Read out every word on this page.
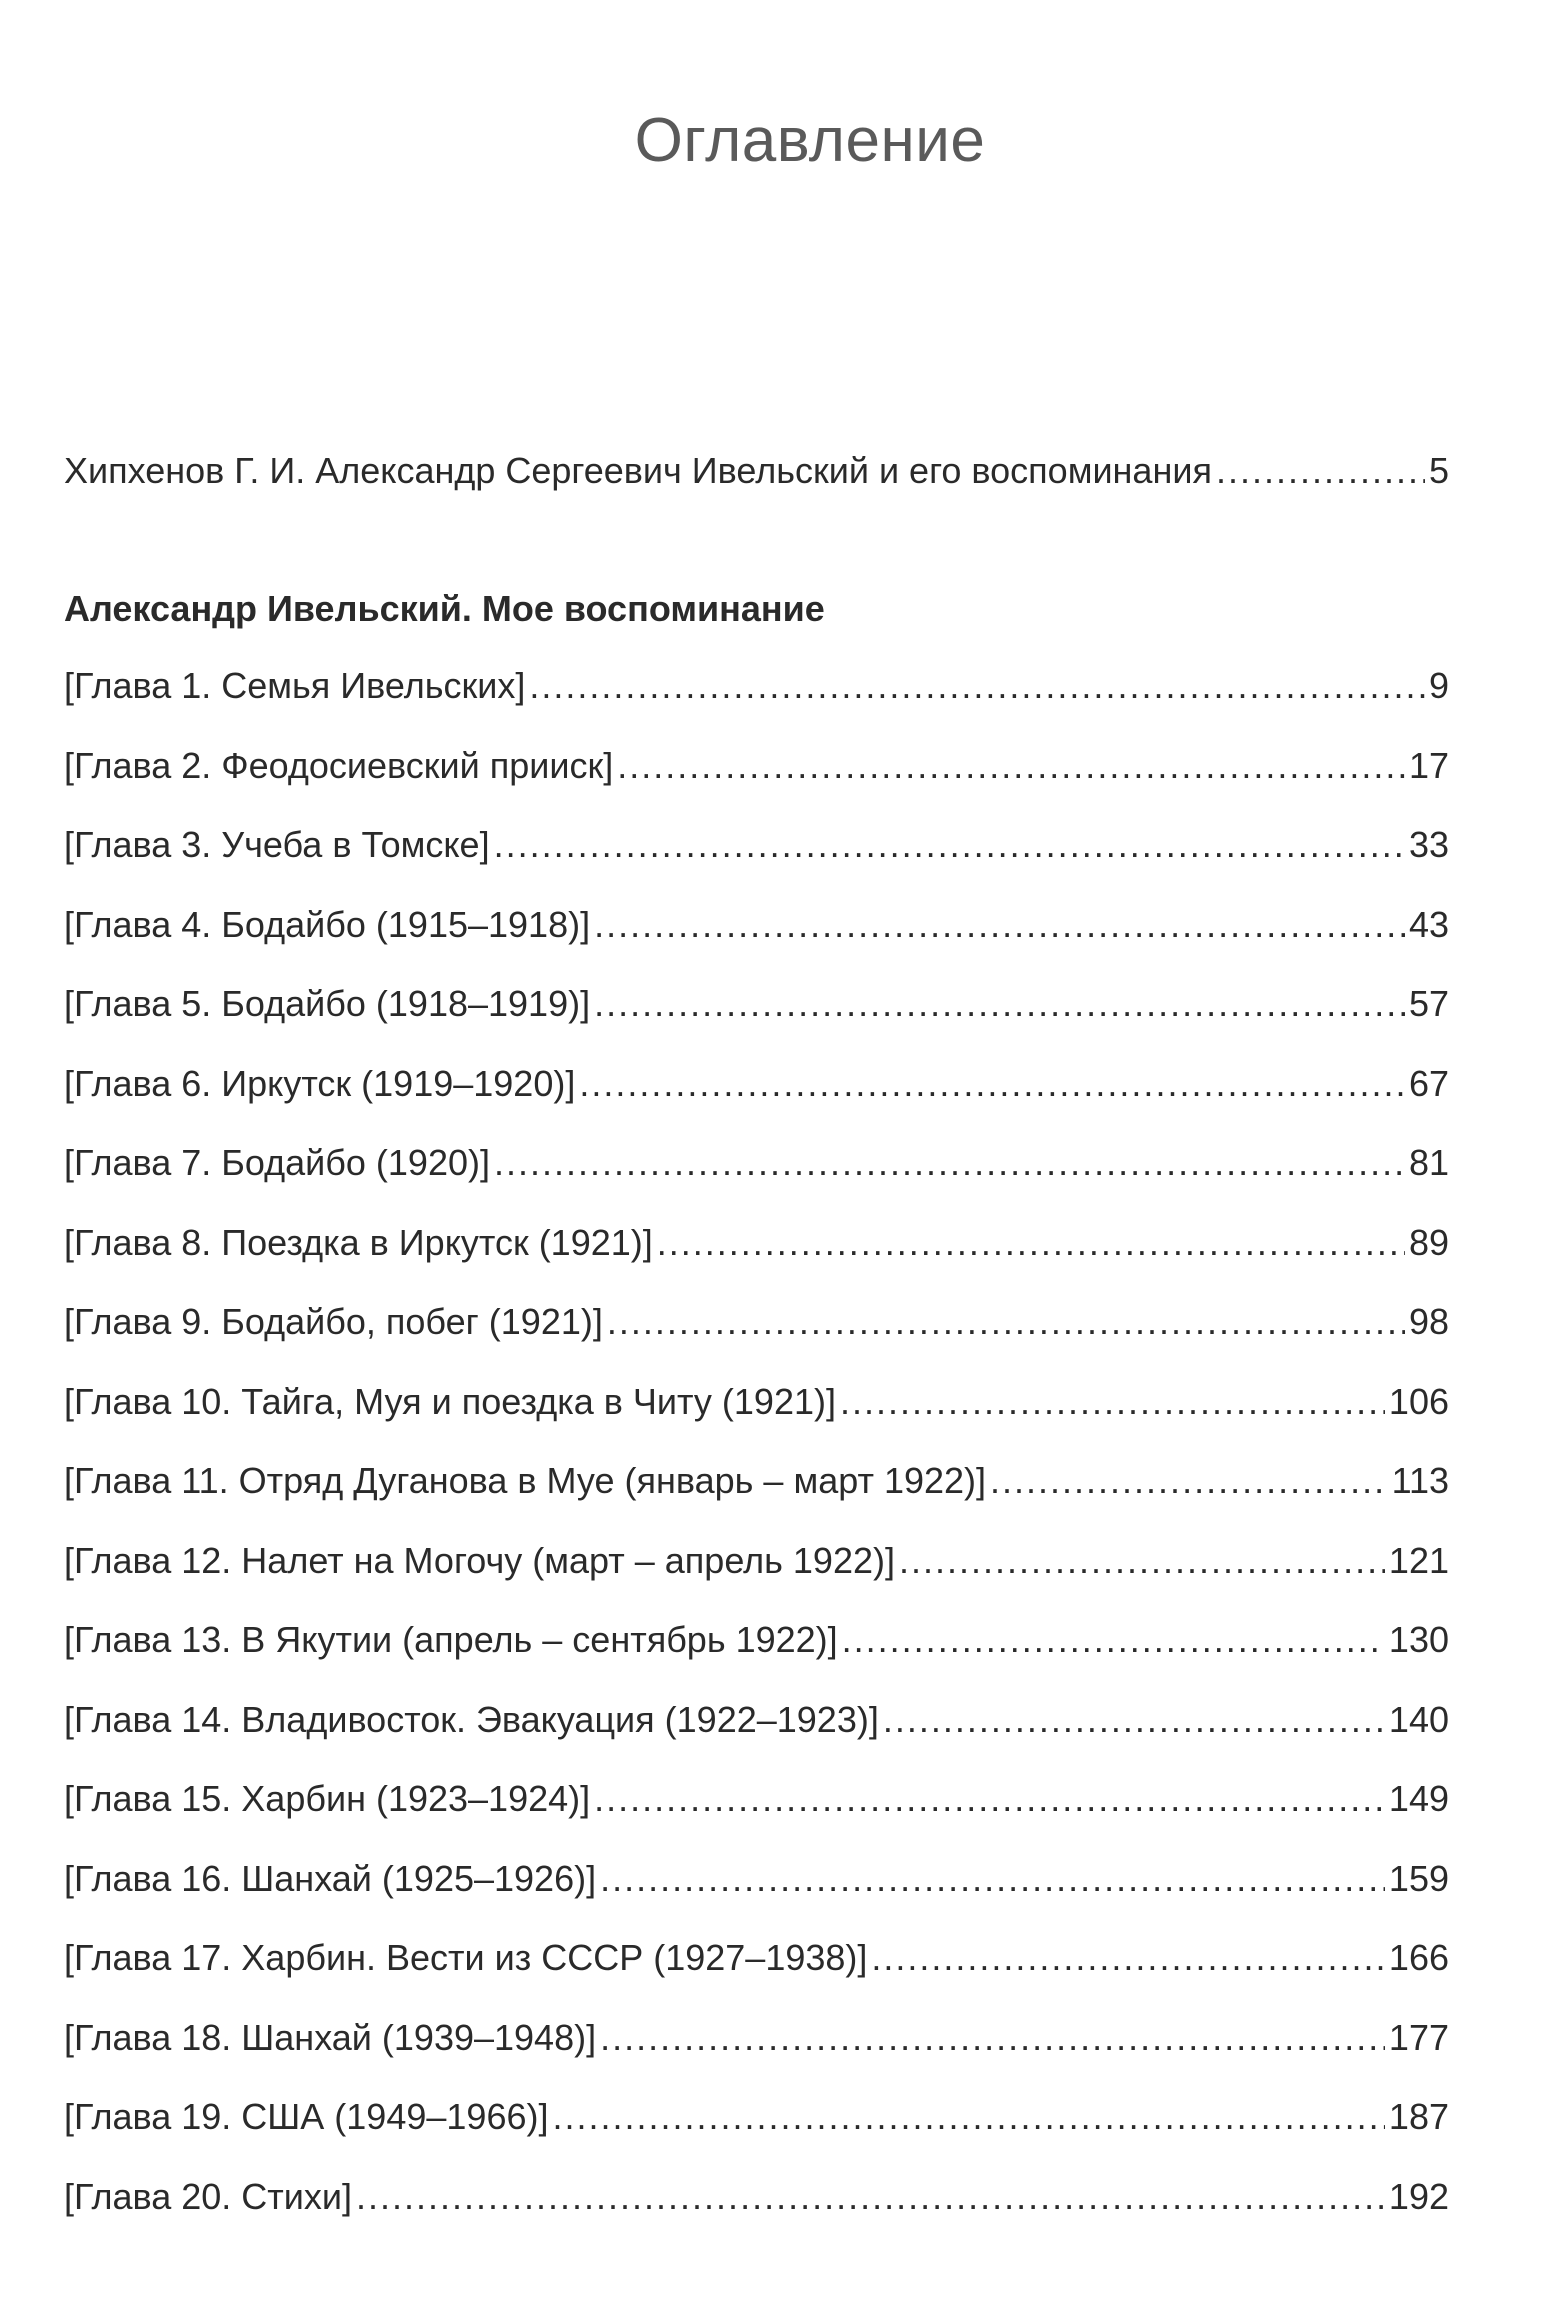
Оглавление
Хипхенов Г. И. Александр Сергеевич Ивельский и его воспоминания .....	5
Александр Ивельский. Мое воспоминание
[Глава 1. Семья Ивельских] .....	9
[Глава 2. Феодосиевский прииск] .....	17
[Глава 3. Учеба в Томске] .....	33
[Глава 4. Бодайбо (1915–1918)] .....	43
[Глава 5. Бодайбо (1918–1919)] .....	57
[Глава 6. Иркутск (1919–1920)] .....	67
[Глава 7. Бодайбо (1920)] .....	81
[Глава 8. Поездка в Иркутск (1921)] .....	89
[Глава 9. Бодайбо, побег (1921)] .....	98
[Глава 10. Тайга, Муя и поездка в Читу (1921)] .....	106
[Глава 11. Отряд Дуганова в Муе (январь – март 1922)] .....	113
[Глава 12. Налет на Могочу (март – апрель 1922)] .....	121
[Глава 13. В Якутии (апрель – сентябрь 1922)] .....	130
[Глава 14. Владивосток. Эвакуация (1922–1923)] .....	140
[Глава 15. Харбин (1923–1924)] .....	149
[Глава 16. Шанхай (1925–1926)] .....	159
[Глава 17. Харбин. Вести из СССР (1927–1938)] .....	166
[Глава 18. Шанхай (1939–1948)] .....	177
[Глава 19. США (1949–1966)] .....	187
[Глава 20. Стихи] .....	192
